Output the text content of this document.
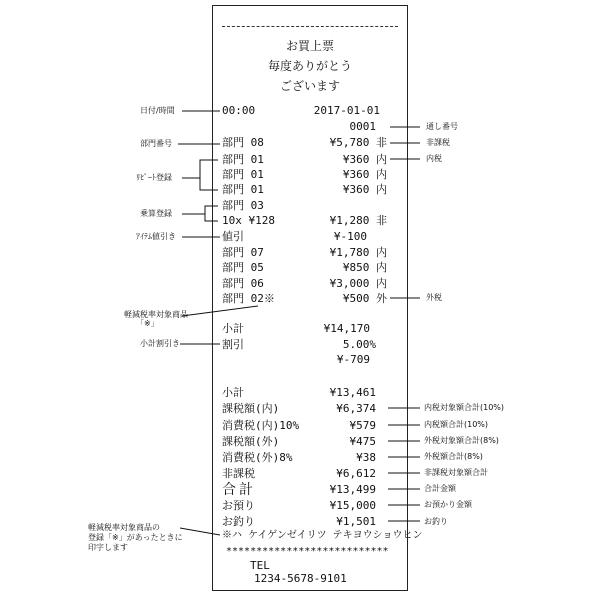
お買上票
毎度ありがとう
ございます
00:00	2017-01-01
0001
部門 08	¥5,780 非
部門 01	¥360 内
部門 01	¥360 内
部門 01	¥360 内
部門 03
10x ¥128	¥1,280 非
値引	¥-100
部門 07	¥1,780 内
部門 05	¥850 内
部門 06	¥3,000 内
部門 02※	¥500 外
小計	¥14,170
割引	5.00%
¥-709
小計	¥13,461
課税額(内)	¥6,374
消費税(内)10%	¥579
課税額(外)	¥475
消費税(外)8%	¥38
非課税	¥6,612
合計	¥13,499
お預り	¥15,000
お釣り	¥1,501
※ハ ケイゲンゼイリツ テキヨウショウヒン
***************************
TEL
1234-5678-9101
日付/時間
部門番号
ﾘﾋﾟｰﾄ登録
乗算登録
ｱｲﾃﾑ値引き
軽減税率対象商品
「※」
小計割引き
軽減税率対象商品の
登録「※」があったときに
印字します
通し番号
非課税
内税
外税
内税対象額合計(10%)
内税額合計(10%)
外税対象額合計(8%)
外税額合計(8%)
非課税対象額合計
合計金額
お預かり金額
お釣り
